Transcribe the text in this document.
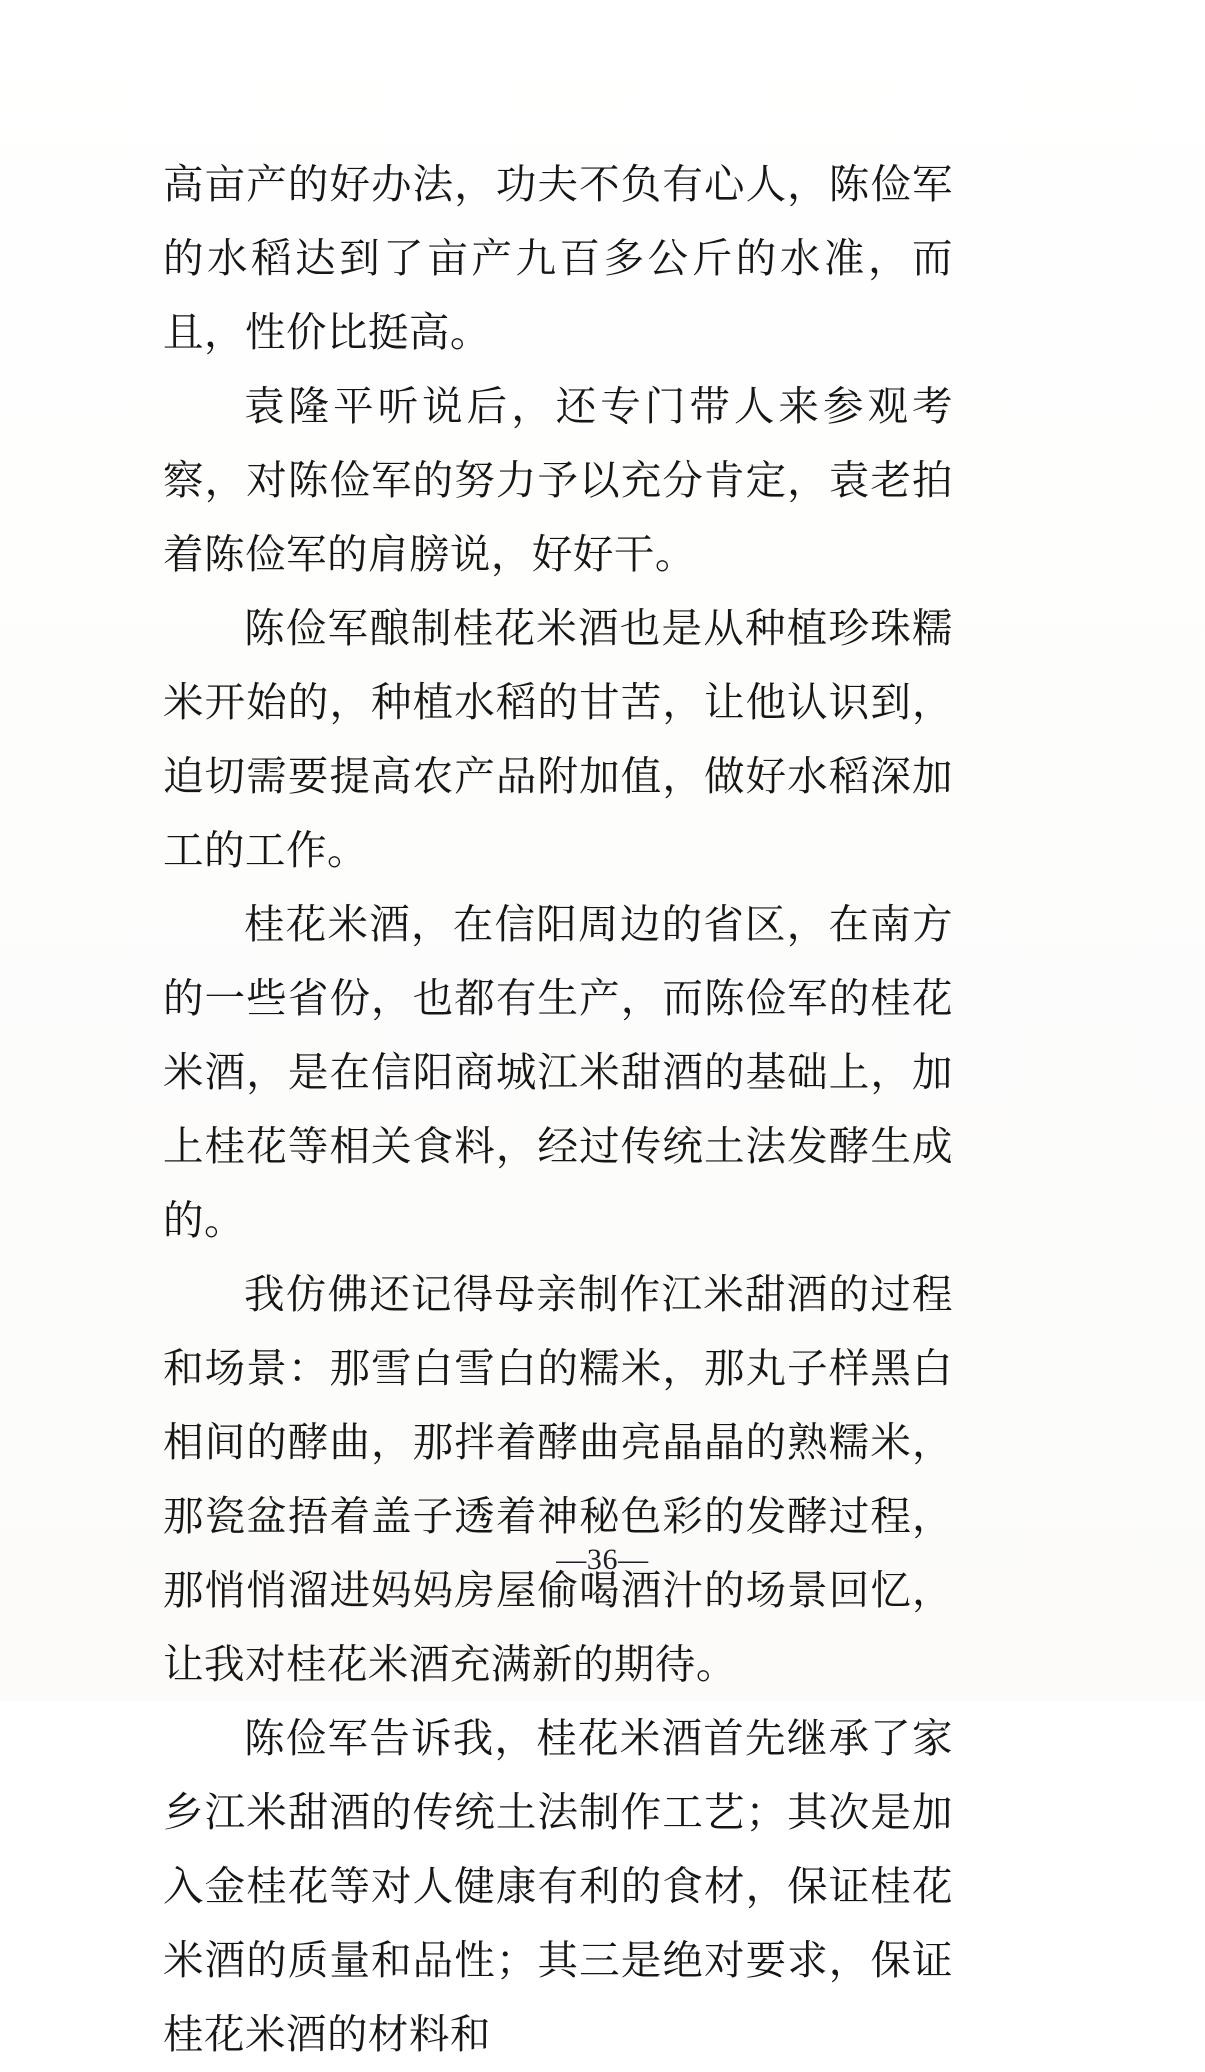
高亩产的好办法，功夫不负有心人，陈俭军的水稻达到了亩产九百多公斤的水准，而且，性价比挺高。

袁隆平听说后，还专门带人来参观考察，对陈俭军的努力予以充分肯定，袁老拍着陈俭军的肩膀说，好好干。

陈俭军酿制桂花米酒也是从种植珍珠糯米开始的，种植水稻的甘苦，让他认识到，迫切需要提高农产品附加值，做好水稻深加工的工作。

桂花米酒，在信阳周边的省区，在南方的一些省份，也都有生产，而陈俭军的桂花米酒，是在信阳商城江米甜酒的基础上，加上桂花等相关食料，经过传统土法发酵生成的。

我仿佛还记得母亲制作江米甜酒的过程和场景：那雪白雪白的糯米，那丸子样黑白相间的酵曲，那拌着酵曲亮晶晶的熟糯米，那瓷盆捂着盖子透着神秘色彩的发酵过程，那悄悄溜进妈妈房屋偷喝酒汁的场景回忆，让我对桂花米酒充满新的期待。

陈俭军告诉我，桂花米酒首先继承了家乡江米甜酒的传统土法制作工艺；其次是加入金桂花等对人健康有利的食材，保证桂花米酒的质量和品性；其三是绝对要求，保证桂花米酒的材料和

—36—
